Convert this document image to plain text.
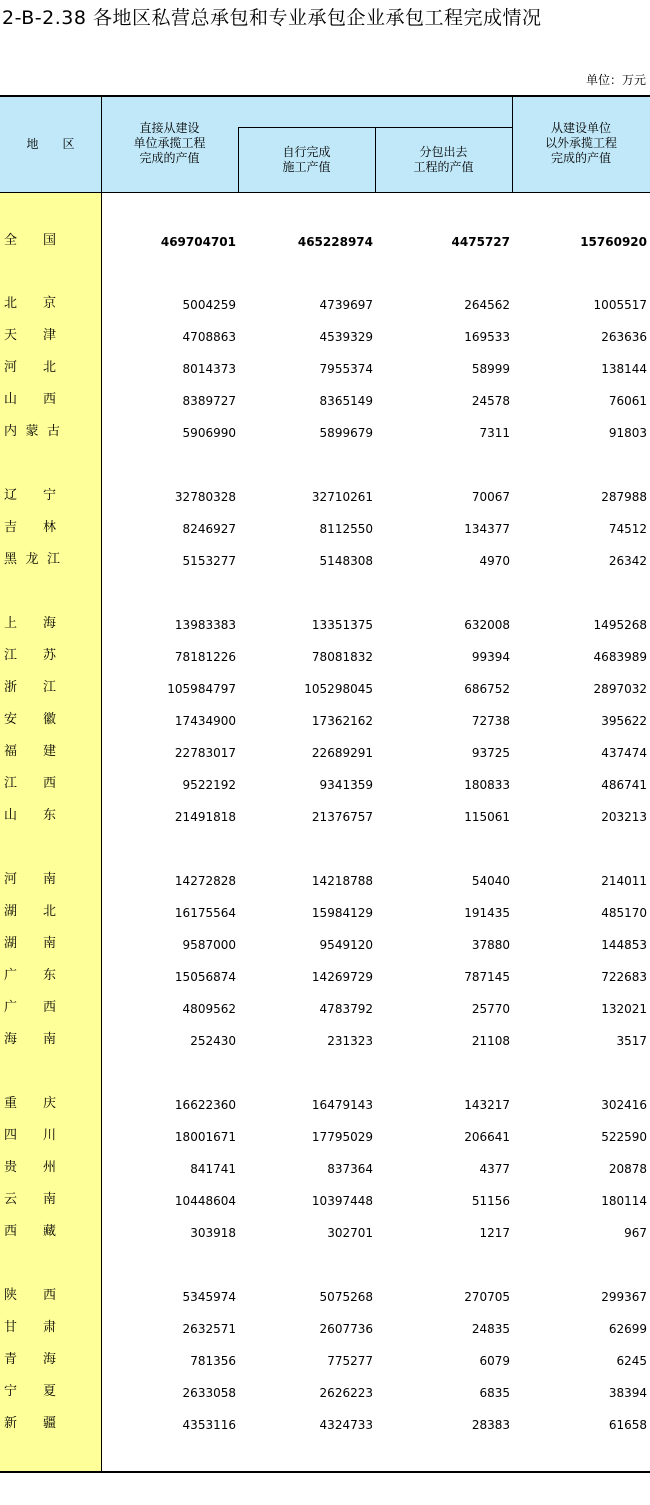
2-B-2.38 各地区私营总承包和专业承包企业承包工程完成情况
单位：万元
地　　区
直接从建设
单位承揽工程
完成的产值	自行完成
施工产值
分包出去
工程的产值
从建设单位
以外承揽工程
完成的产值
全 国	469704701	465228974	4475727	15760920
北 京	5004259	4739697	264562	1005517
天 津	4708863	4539329	169533	263636
河 北	8014373	7955374	58999	138144
山 西	8389727	8365149	24578	76061
内 蒙 古	5906990	5899679	7311	91803
辽 宁	32780328	32710261	70067	287988
吉 林	8246927	8112550	134377	74512
黑 龙 江	5153277	5148308	4970	26342
上 海	13983383	13351375	632008	1495268
江 苏	78181226	78081832	99394	4683989
浙 江	105984797	105298045	686752	2897032
安 徽	17434900	17362162	72738	395622
福 建	22783017	22689291	93725	437474
江 西	9522192	9341359	180833	486741
山 东	21491818	21376757	115061	203213
河 南	14272828	14218788	54040	214011
湖 北	16175564	15984129	191435	485170
湖 南	9587000	9549120	37880	144853
广 东	15056874	14269729	787145	722683
广 西	4809562	4783792	25770	132021
海 南	252430	231323	21108	3517
重 庆	16622360	16479143	143217	302416
四 川	18001671	17795029	206641	522590
贵 州	841741	837364	4377	20878
云 南	10448604	10397448	51156	180114
西 藏	303918	302701	1217	967
陕 西	5345974	5075268	270705	299367
甘 肃	2632571	2607736	24835	62699
青 海	781356	775277	6079	6245
宁 夏	2633058	2626223	6835	38394
新 疆	4353116	4324733	28383	61658
